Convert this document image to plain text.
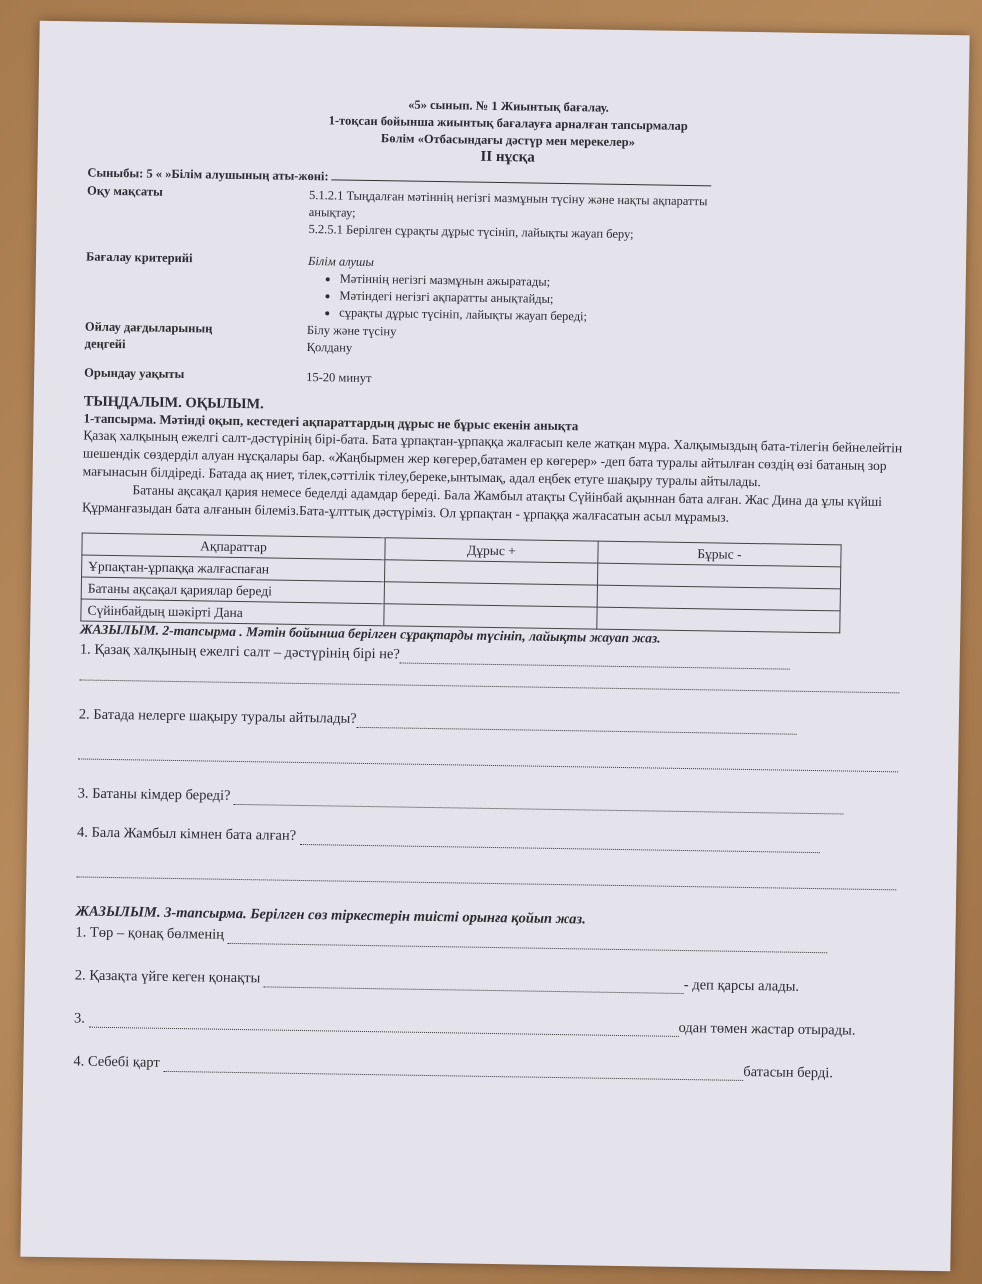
«5» сынып. № 1 Жиынтық бағалау.
1-тоқсан бойынша жиынтық бағалауға арналған тапсырмалар
Бөлім «Отбасындағы дәстүр мен мерекелер»
ІІ нұсқа
Сыныбы: 5 « »Білім алушының аты-жөні:
Оқу мақсаты	5.1.2.1 Тыңдалған мәтіннің негізгі мазмұнын түсіну және нақты ақпаратты анықтау;
5.2.5.1 Берілген сұрақты дұрыс түсініп, лайықты жауап беру;
Бағалау критерийі	Білім алушы
• Мәтіннің негізгі мазмұнын ажыратады;
• Мәтіндегі негізгі ақпаратты анықтайды;
• сұрақты дұрыс түсініп, лайықты жауап береді;
Ойлау дағдыларының
деңгейі
Білу және түсіну
Қолдану
Орындау уақыты	15-20 минут
ТЫҢДАЛЫМ. ОҚЫЛЫМ.
1-тапсырма. Мәтінді оқып, кестедегі ақпараттардың дұрыс не бұрыс екенін анықта

Қазақ халқының ежелгі салт-дәстүрінің бірі-бата. Бата ұрпақтан-ұрпаққа жалғасып келе жатқан мұра. Халқымыздың бата-тілегін бейнелейтін шешендік сөздерділ алуан нұсқалары бар. «Жаңбырмен жер көгерер,батамен ер көгерер» -деп бата туралы айтылған сөздің өзі батаның зор мағынасын білдіреді. Батада ақ ниет, тілек,сәттілік тілеу,береке,ынтымақ, адал еңбек етуге шақыру туралы айтылады.

Батаны ақсақал қария немесе беделді адамдар береді. Бала Жамбыл атақты Сүйінбай ақыннан бата алған. Жас Дина да ұлы күйші Құрманғазыдан бата алғанын білеміз.Бата-ұлттық дәстүріміз. Ол ұрпақтан - ұрпаққа жалғасатын асыл мұрамыз.

Ақпараттар	Дұрыс +	Бұрыс -
Ұрпақтан-ұрпаққа жалғаспаған		
Батаны ақсақал қариялар береді		
Сүйінбайдың шәкірті Дана		
ЖАЗЫЛЫМ. 2-тапсырма . Мәтін бойынша берілген сұрақтарды түсініп, лайықты жауап жаз.
1. Қазақ халқының ежелгі салт – дәстүрінің бірі не?
2. Батада нелерге шақыру туралы айтылады?
3. Батаны кімдер береді?
4. Бала Жамбыл кімнен бата алған?
ЖАЗЫЛЫМ. 3-тапсырма. Берілген сөз тіркестерін тиісті орынға қойып жаз.
1. Төр – қонақ бөлменің
2. Қазақта үйге кеген қонақты	- деп қарсы алады.
3. одан төмен жастар отырады.
4. Себебі қарт батасын берді.
